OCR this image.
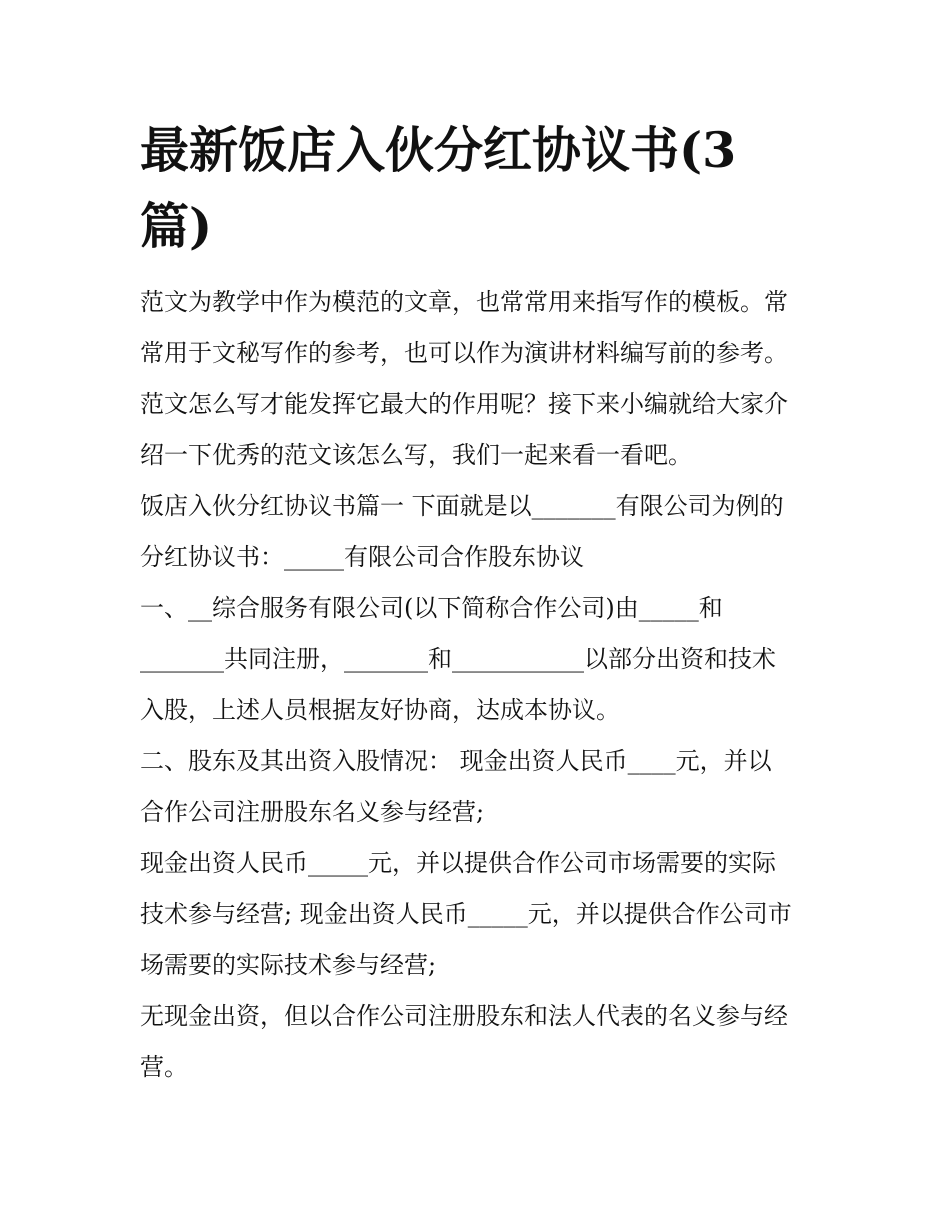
最新饭店入伙分红协议书(3
篇)

范文为教学中作为模范的文章，也常常用来指写作的模板。常
常用于文秘写作的参考，也可以作为演讲材料编写前的参考。
范文怎么写才能发挥它最大的作用呢？接下来小编就给大家介
绍一下优秀的范文该怎么写，我们一起来看一看吧。

饭店入伙分红协议书篇一 下面就是以_______有限公司为例的
分红协议书：_____有限公司合作股东协议

一、__综合服务有限公司(以下简称合作公司)由_____和
_______共同注册，_______和___________以部分出资和技术
入股，上述人员根据友好协商，达成本协议。

二、股东及其出资入股情况： 现金出资人民币____元，并以
合作公司注册股东名义参与经营;

现金出资人民币_____元，并以提供合作公司市场需要的实际
技术参与经营; 现金出资人民币_____元，并以提供合作公司市
场需要的实际技术参与经营;

无现金出资，但以合作公司注册股东和法人代表的名义参与经
营。
